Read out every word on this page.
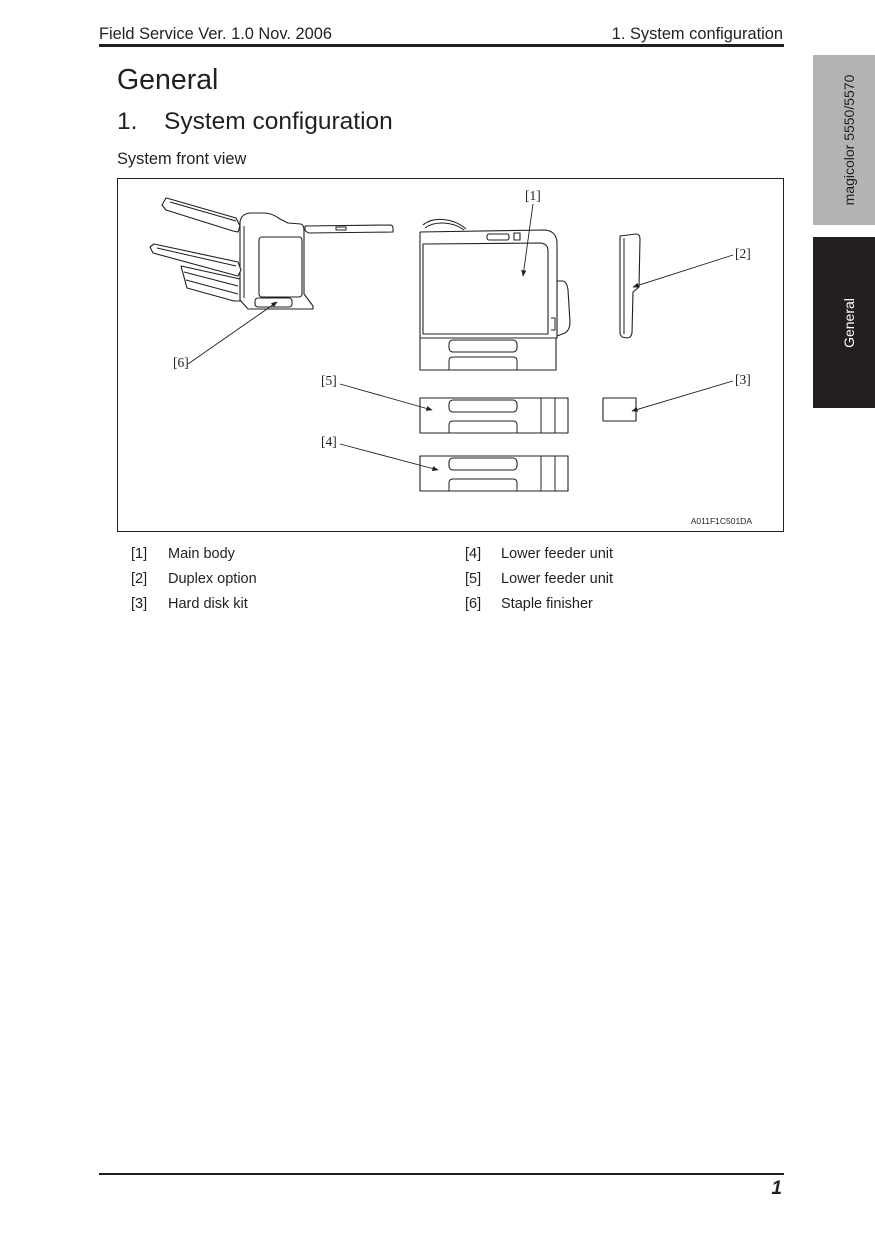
Field Service Ver. 1.0 Nov. 2006	1. System configuration
magicolor 5550/5570
General
General
1. System configuration
System front view
[1]
[2]
[3]
[4]
[5]
[6]
A011F1C501DA
[1] Main body
[2] Duplex option
[3] Hard disk kit
[4] Lower feeder unit
[5] Lower feeder unit
[6] Staple finisher
1
